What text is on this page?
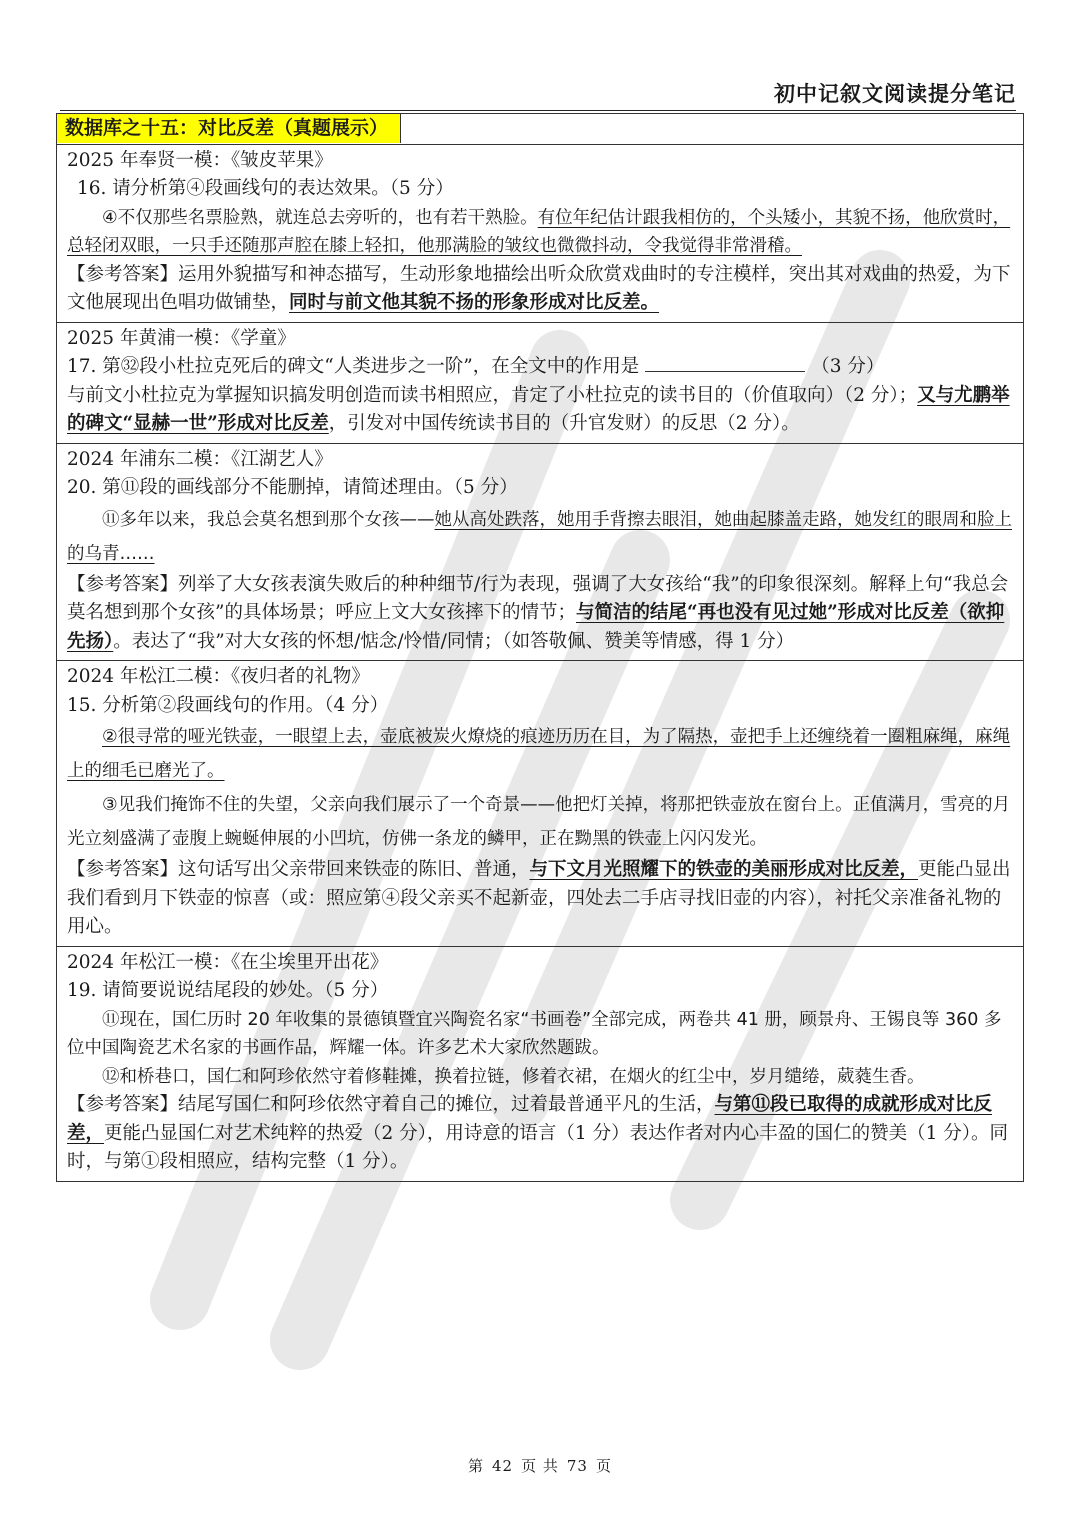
初中记叙文阅读提分笔记
数据库之十五：对比反差（真题展示）

2025 年奉贤一模：《皱皮苹果》
16. 请分析第④段画线句的表达效果。（5 分）
④不仅那些名票脸熟，就连总去旁听的，也有若干熟脸。有位年纪估计跟我相仿的，个头矮小，其貌不扬，他欣赏时，总轻闭双眼，一只手还随那声腔在膝上轻扣，他那满脸的皱纹也微微抖动，令我觉得非常滑稽。
【参考答案】运用外貌描写和神态描写，生动形象地描绘出听众欣赏戏曲时的专注模样，突出其对戏曲的热爱，为下文他展现出色唱功做铺垫，同时与前文他其貌不扬的形象形成对比反差。

2025 年黄浦一模：《学童》
17. 第㉜段小杜拉克死后的碑文“人类进步之一阶”，在全文中的作用是	（3 分）
与前文小杜拉克为掌握知识搞发明创造而读书相照应，肯定了小杜拉克的读书目的（价值取向）（2 分）；又与尤鹏举的碑文“显赫一世”形成对比反差，引发对中国传统读书目的（升官发财）的反思（2 分）。

2024 年浦东二模：《江湖艺人》
20. 第⑪段的画线部分不能删掉，请简述理由。（5 分）
⑪多年以来，我总会莫名想到那个女孩——她从高处跌落，她用手背擦去眼泪，她曲起膝盖走路，她发红的眼周和脸上的乌青……
【参考答案】列举了大女孩表演失败后的种种细节/行为表现，强调了大女孩给“我”的印象很深刻。解释上句“我总会莫名想到那个女孩”的具体场景；呼应上文大女孩摔下的情节；与简洁的结尾“再也没有见过她”形成对比反差（欲抑先扬）。表达了“我”对大女孩的怀想/惦念/怜惜/同情；（如答敬佩、赞美等情感，得 1 分）

2024 年松江二模：《夜归者的礼物》
15. 分析第②段画线句的作用。（4 分）
②很寻常的哑光铁壶，一眼望上去，壶底被炭火燎烧的痕迹历历在目，为了隔热，壶把手上还缠绕着一圈粗麻绳，麻绳上的细毛已磨光了。
③见我们掩饰不住的失望，父亲向我们展示了一个奇景——他把灯关掉，将那把铁壶放在窗台上。正值满月，雪亮的月光立刻盛满了壶腹上蜿蜒伸展的小凹坑，仿佛一条龙的鳞甲，正在黝黑的铁壶上闪闪发光。
【参考答案】这句话写出父亲带回来铁壶的陈旧、普通，与下文月光照耀下的铁壶的美丽形成对比反差，更能凸显出我们看到月下铁壶的惊喜（或：照应第④段父亲买不起新壶，四处去二手店寻找旧壶的内容），衬托父亲准备礼物的用心。

2024 年松江一模：《在尘埃里开出花》
19. 请简要说说结尾段的妙处。（5 分）
⑪现在，国仁历时 20 年收集的景德镇暨宜兴陶瓷名家“书画卷”全部完成，两卷共 41 册，顾景舟、王锡良等 360 多位中国陶瓷艺术名家的书画作品，辉耀一体。许多艺术大家欣然题跋。
⑫和桥巷口，国仁和阿珍依然守着修鞋摊，换着拉链，修着衣裙，在烟火的红尘中，岁月缱绻，葳蕤生香。
【参考答案】结尾写国仁和阿珍依然守着自己的摊位，过着最普通平凡的生活，与第⑪段已取得的成就形成对比反差，更能凸显国仁对艺术纯粹的热爱（2 分），用诗意的语言（1 分）表达作者对内心丰盈的国仁的赞美（1 分）。同时，与第①段相照应，结构完整（1 分）。
第 42 页 共 73 页
